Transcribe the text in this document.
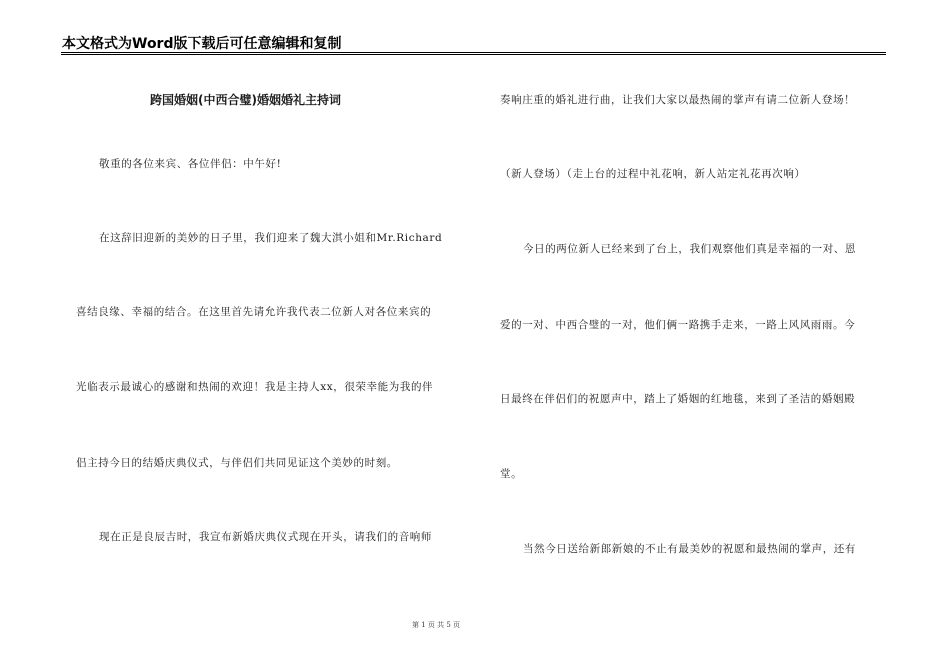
本文格式为Word版下载后可任意编辑和复制
跨国婚姻(中西合璧)婚姻婚礼主持词
敬重的各位来宾、各位伴侣：中午好!
在这辞旧迎新的美妙的日子里，我们迎来了魏大淇小姐和Mr.Richard
喜结良缘、幸福的结合。在这里首先请允许我代表二位新人对各位来宾的
光临表示最诚心的感谢和热闹的欢迎！我是主持人xx，很荣幸能为我的伴
侣主持今日的结婚庆典仪式，与伴侣们共同见证这个美妙的时刻。
现在正是良辰吉时，我宣布新婚庆典仪式现在开头，请我们的音响师
奏响庄重的婚礼进行曲，让我们大家以最热闹的掌声有请二位新人登场！
（新人登场）（走上台的过程中礼花响，新人站定礼花再次响）
今日的两位新人已经来到了台上，我们观察他们真是幸福的一对、恩
爱的一对、中西合璧的一对，他们俩一路携手走来，一路上风风雨雨。今
日最终在伴侣们的祝愿声中，踏上了婚姻的红地毯，来到了圣洁的婚姻殿
堂。
当然今日送给新郎新娘的不止有最美妙的祝愿和最热闹的掌声，还有
第 1 页 共 5 页
